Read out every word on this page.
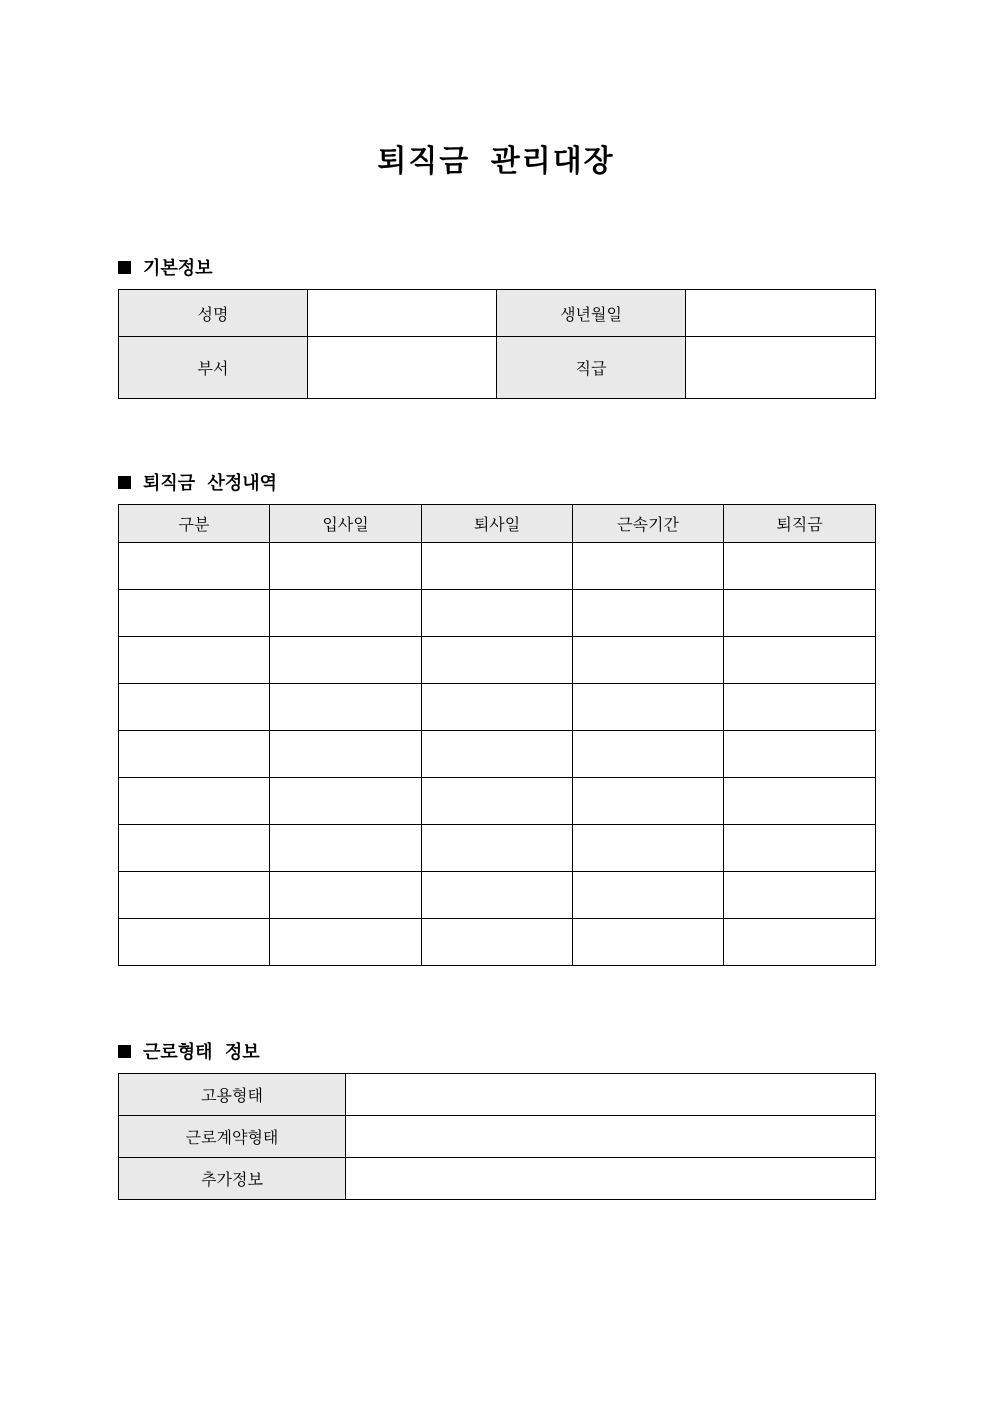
퇴직금 관리대장
기본정보
성명		생년월일	
부서		직급	
퇴직금 산정내역
구분	입사일	퇴사일	근속기간	퇴직금

근로형태 정보
고용형태	
근로계약형태	
추가정보	
